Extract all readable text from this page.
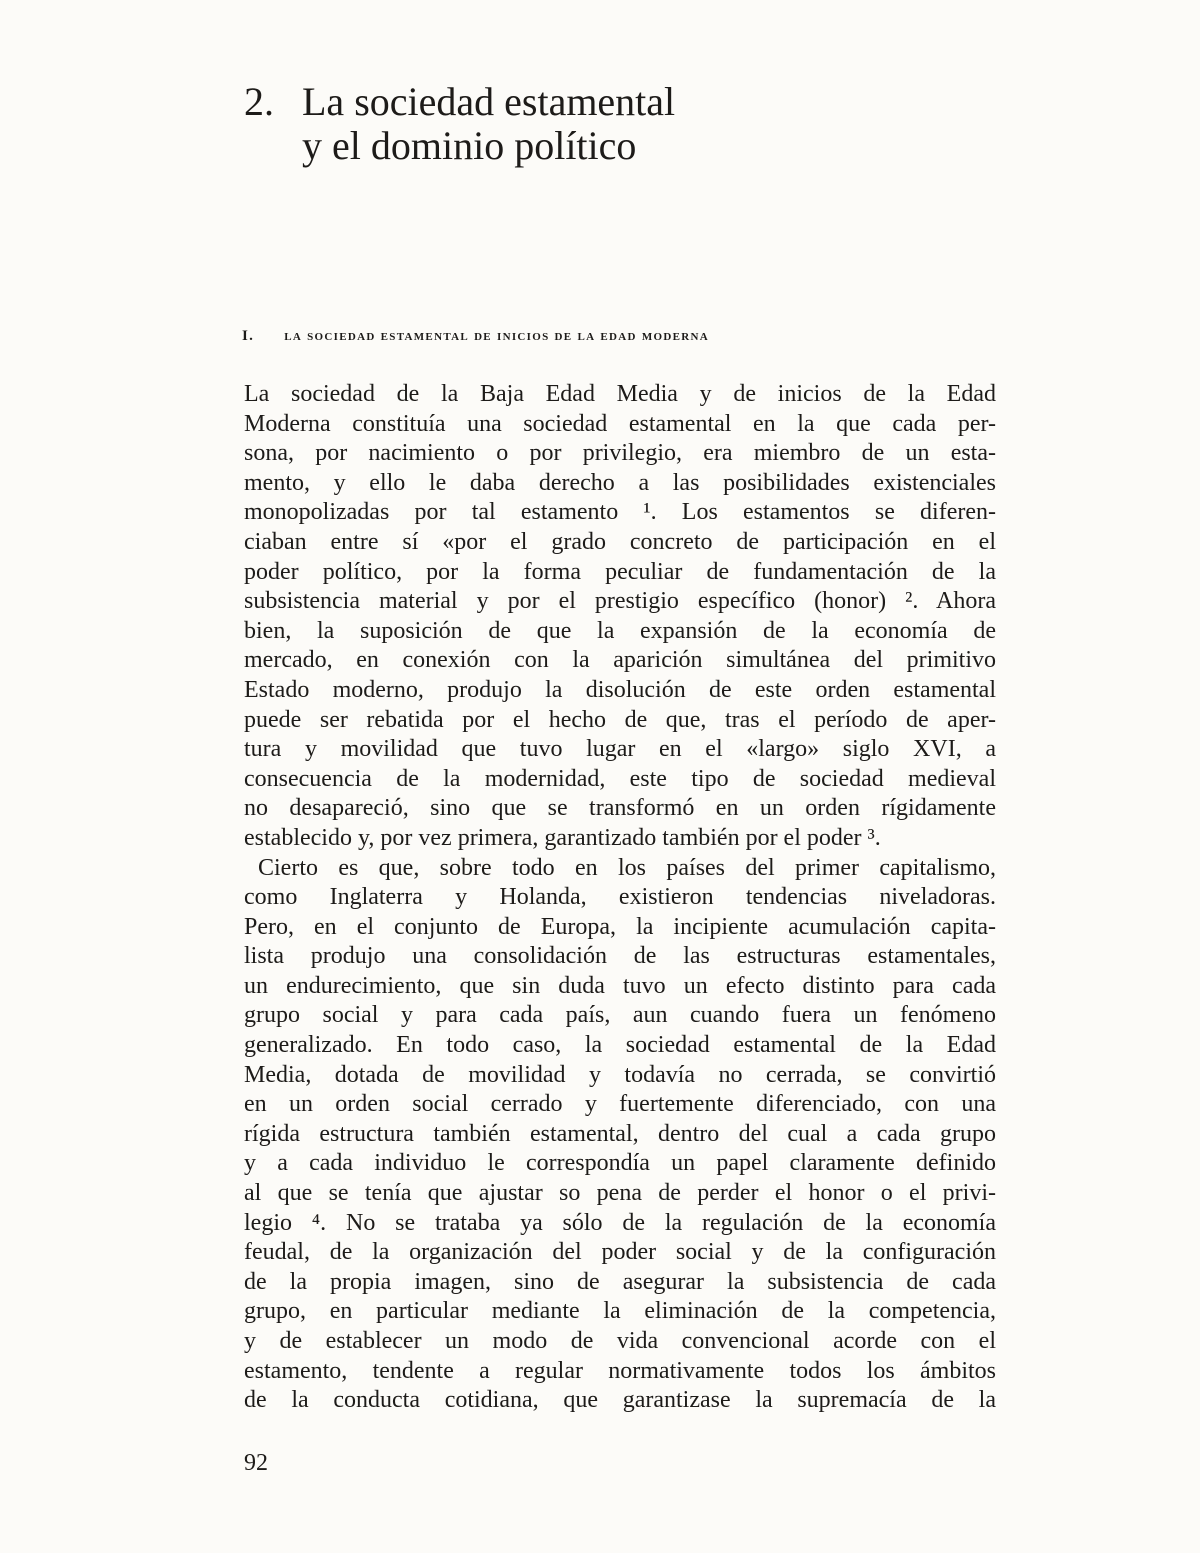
2. La sociedad estamental
y el dominio político
I. la sociedad estamental de inicios de la edad moderna
La sociedad de la Baja Edad Media y de inicios de la Edad
Moderna constituía una sociedad estamental en la que cada per-
sona, por nacimiento o por privilegio, era miembro de un esta-
mento, y ello le daba derecho a las posibilidades existenciales
monopolizadas por tal estamento ¹. Los estamentos se diferen-
ciaban entre sí «por el grado concreto de participación en el
poder político, por la forma peculiar de fundamentación de la
subsistencia material y por el prestigio específico (honor) ². Ahora
bien, la suposición de que la expansión de la economía de
mercado, en conexión con la aparición simultánea del primitivo
Estado moderno, produjo la disolución de este orden estamental
puede ser rebatida por el hecho de que, tras el período de aper-
tura y movilidad que tuvo lugar en el «largo» siglo XVI, a
consecuencia de la modernidad, este tipo de sociedad medieval
no desapareció, sino que se transformó en un orden rígidamente
establecido y, por vez primera, garantizado también por el poder ³.
Cierto es que, sobre todo en los países del primer capitalismo,
como Inglaterra y Holanda, existieron tendencias niveladoras.
Pero, en el conjunto de Europa, la incipiente acumulación capita-
lista produjo una consolidación de las estructuras estamentales,
un endurecimiento, que sin duda tuvo un efecto distinto para cada
grupo social y para cada país, aun cuando fuera un fenómeno
generalizado. En todo caso, la sociedad estamental de la Edad
Media, dotada de movilidad y todavía no cerrada, se convirtió
en un orden social cerrado y fuertemente diferenciado, con una
rígida estructura también estamental, dentro del cual a cada grupo
y a cada individuo le correspondía un papel claramente definido
al que se tenía que ajustar so pena de perder el honor o el privi-
legio ⁴. No se trataba ya sólo de la regulación de la economía
feudal, de la organización del poder social y de la configuración
de la propia imagen, sino de asegurar la subsistencia de cada
grupo, en particular mediante la eliminación de la competencia,
y de establecer un modo de vida convencional acorde con el
estamento, tendente a regular normativamente todos los ámbitos
de la conducta cotidiana, que garantizase la supremacía de la
92
